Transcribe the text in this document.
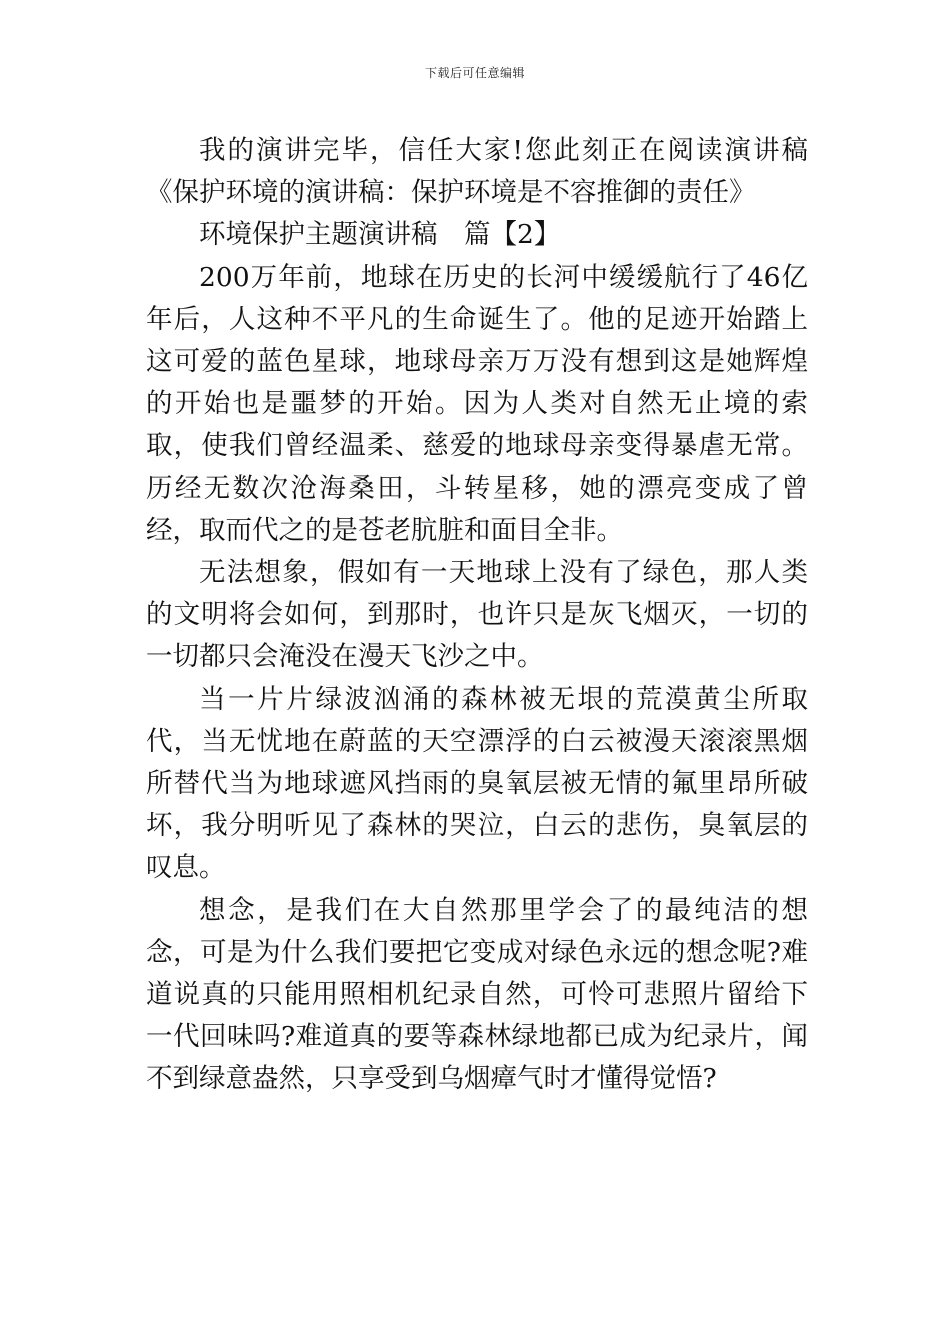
下载后可任意编辑

我的演讲完毕，信任大家!您此刻正在阅读演讲稿《保护环境的演讲稿：保护环境是不容推御的责任》

环境保护主题演讲稿　篇【2】

200万年前，地球在历史的长河中缓缓航行了46亿年后，人这种不平凡的生命诞生了。他的足迹开始踏上这可爱的蓝色星球，地球母亲万万没有想到这是她辉煌的开始也是噩梦的开始。因为人类对自然无止境的索取，使我们曾经温柔、慈爱的地球母亲变得暴虐无常。历经无数次沧海桑田，斗转星移，她的漂亮变成了曾经，取而代之的是苍老肮脏和面目全非。

无法想象，假如有一天地球上没有了绿色，那人类的文明将会如何，到那时，也许只是灰飞烟灭，一切的一切都只会淹没在漫天飞沙之中。

当一片片绿波汹涌的森林被无垠的荒漠黄尘所取代，当无忧地在蔚蓝的天空漂浮的白云被漫天滚滚黑烟所替代当为地球遮风挡雨的臭氧层被无情的氟里昂所破坏，我分明听见了森林的哭泣，白云的悲伤，臭氧层的叹息。

想念，是我们在大自然那里学会了的最纯洁的想念，可是为什么我们要把它变成对绿色永远的想念呢?难道说真的只能用照相机纪录自然，可怜可悲照片留给下一代回味吗?难道真的要等森林绿地都已成为纪录片，闻不到绿意盎然，只享受到乌烟瘴气时才懂得觉悟?
